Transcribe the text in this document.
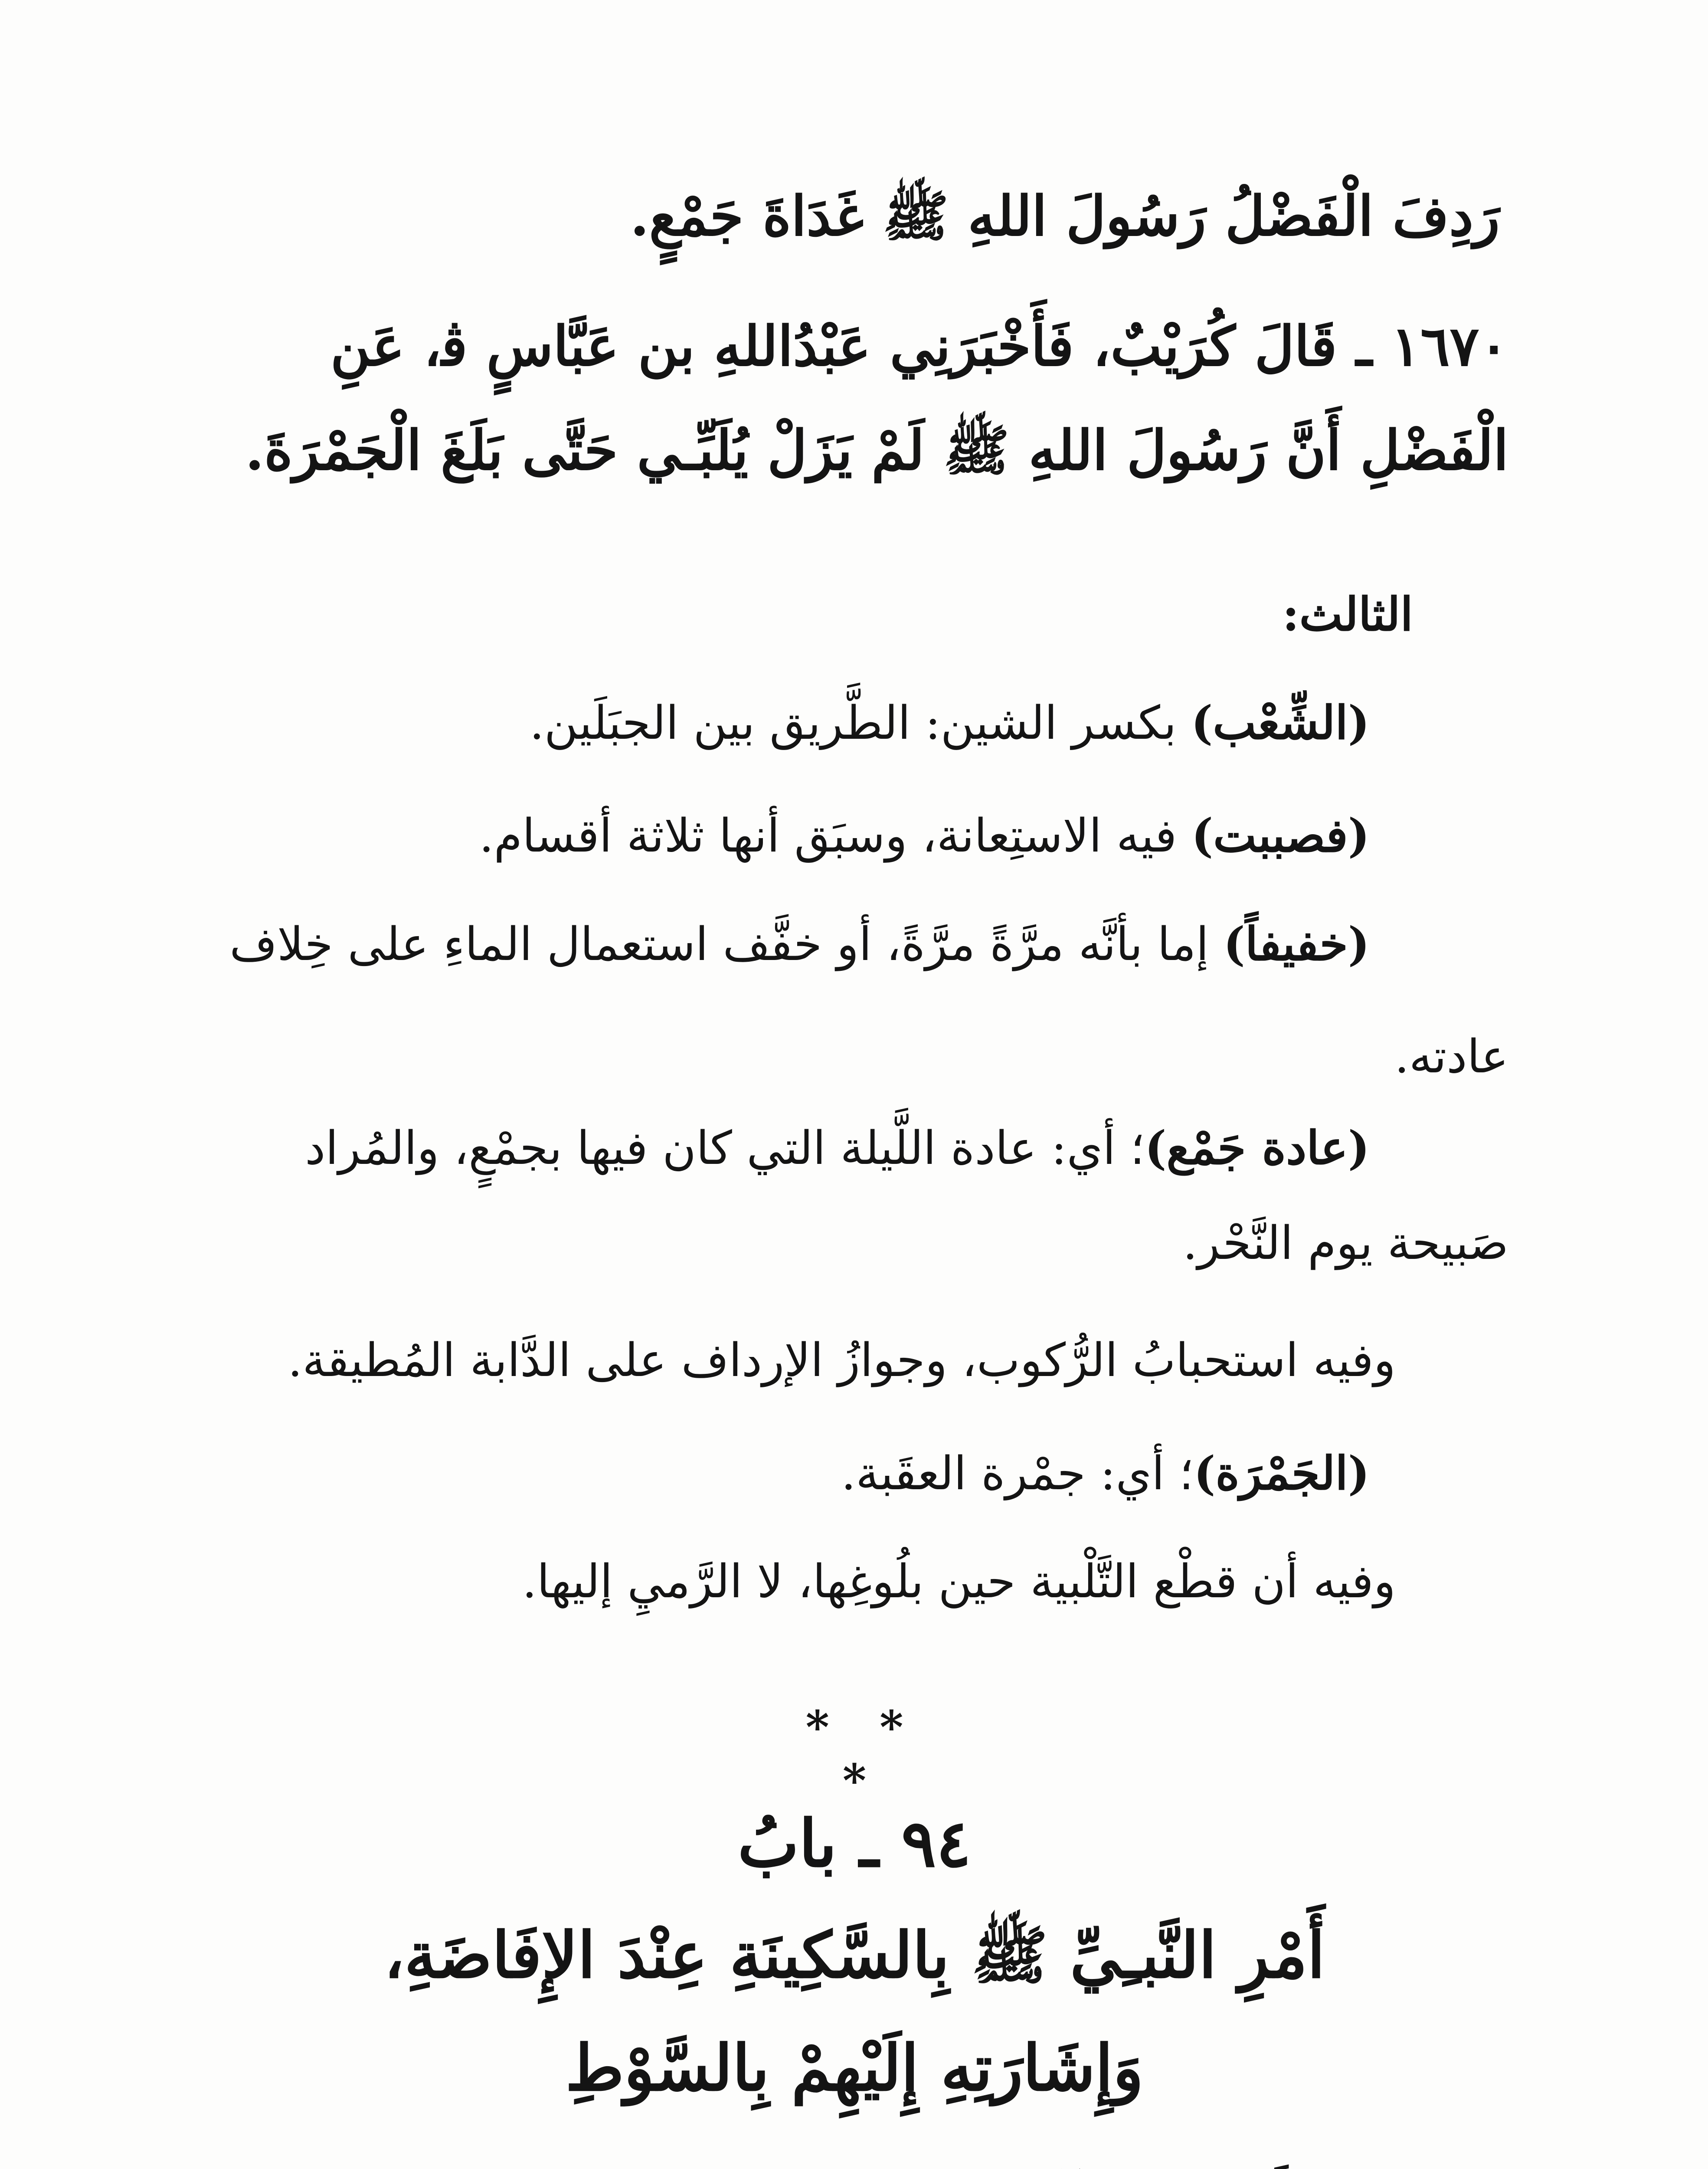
رَدِفَ الْفَضْلُ رَسُولَ اللهِ ﷺ غَدَاةَ جَمْعٍ.

١٦٧٠ ـ قَالَ كُرَيْبٌ، فَأَخْبَرَنِي عَبْدُاللهِ بن عَبَّاسٍ ﭬ، عَنِ

الْفَضْلِ أَنَّ رَسُولَ اللهِ ﷺ لَمْ يَزَلْ يُلَبِّـي حَتَّى بَلَغَ الْجَمْرَةَ.

الثالث:

(الشِّعْب) بكسر الشين: الطَّريق بين الجبَلَين.

(فصببت) فيه الاستِعانة، وسبَق أنها ثلاثة أقسام.

(خفيفاً) إما بأنَّه مرَّةً مرَّةً، أو خفَّف استعمال الماءِ على خِلاف

عادته.

(عادة جَمْع)؛ أي: عادة اللَّيلة التي كان فيها بجمْعٍ، والمُراد

صَبيحة يوم النَّحْر.

وفيه استحبابُ الرُّكوب، وجوازُ الإرداف على الدَّابة المُطيقة.

(الجَمْرَة)؛ أي: جمْرة العقَبة.

وفيه أن قطْع التَّلْبية حين بلُوغِها، لا الرَّميِ إليها.

* * *
٩٤ ـ بابُ
أَمْرِ النَّبـِيِّ ﷺ بِالسَّكِينَةِ عِنْدَ الإِفَاضَةِ،
وَإِشَارَتِهِ إِلَيْهِمْ بِالسَّوْطِ
